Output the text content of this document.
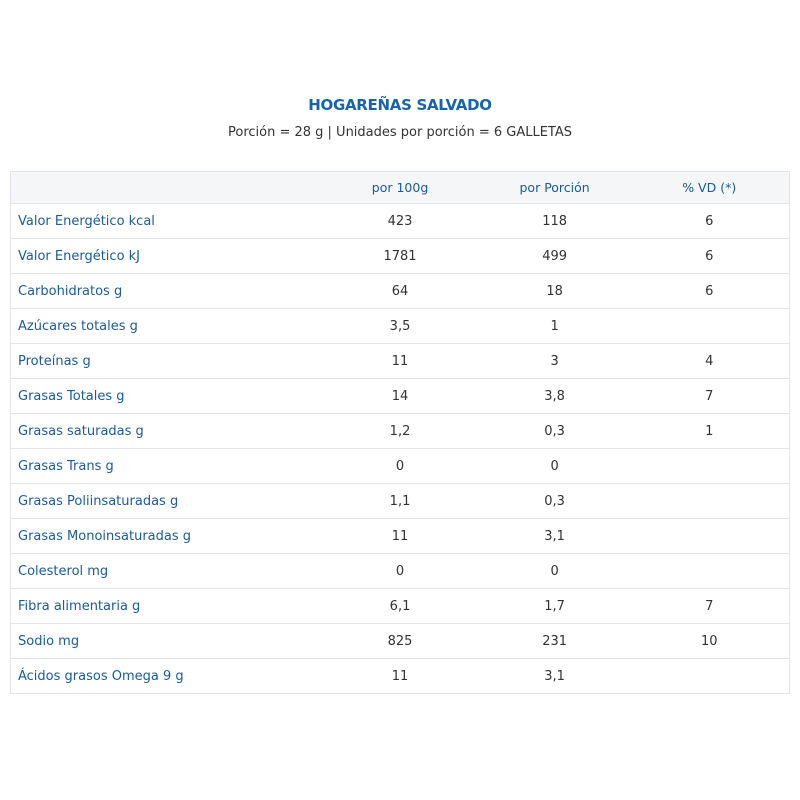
HOGAREÑAS SALVADO
Porción = 28 g | Unidades por porción = 6 GALLETAS
por 100g	por Porción	% VD (*)
Valor Energético kcal	423	118	6
Valor Energético kJ	1781	499	6
Carbohidratos g	64	18	6
Azúcares totales g	3,5	1
Proteínas g	11	3	4
Grasas Totales g	14	3,8	7
Grasas saturadas g	1,2	0,3	1
Grasas Trans g	0	0
Grasas Poliinsaturadas g	1,1	0,3
Grasas Monoinsaturadas g	11	3,1
Colesterol mg	0	0
Fibra alimentaria g	6,1	1,7	7
Sodio mg	825	231	10
Ácidos grasos Omega 9 g	11	3,1
